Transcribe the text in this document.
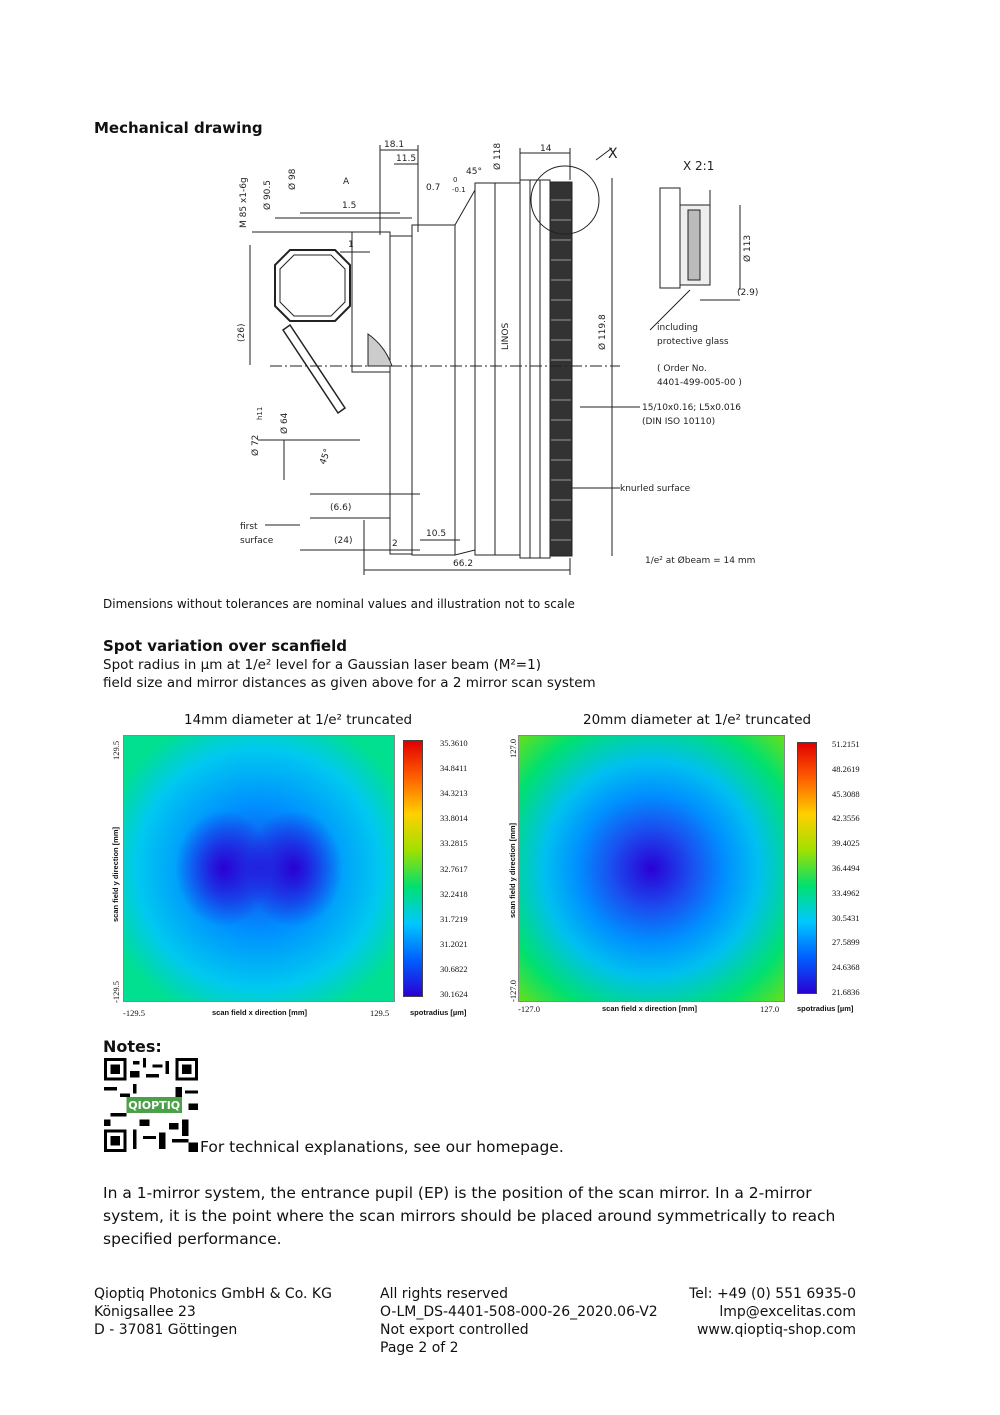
Mechanical drawing
18.1
11.5
14
Ø 118
M 85 x1-6g Ø 90.5
Ø 98	A
0.7
0
-0.1
45°
1.5
1
(26)
Ø 72
h11 Ø 64
45°
LINOS	Ø 119.8
X
X 2:1
Ø 113
(2.9)
including
protective glass
( Order No.
4401-499-005-00 )
15/10x0.16; L5x0.016
(DIN ISO 10110)
knurled surface
(6.6)
first
surface	(24)	2
10.5
66.2	1/e² at Øbeam = 14 mm
Dimensions without tolerances are nominal values and illustration not to scale
Spot variation over scanfield
Spot radius in µm at 1/e² level for a Gaussian laser beam (M²=1)
field size and mirror distances as given above for a 2 mirror scan system
14mm diameter at 1/e² truncated
scan field y direction [mm]
129.5
-129.5
-129.5	scan field x direction [mm]	129.5	spotradius [µm]
35.3610
34.8411
34.3213
33.8014
33.2815
32.7617
32.2418
31.7219
31.2021
30.6822
30.1624
20mm diameter at 1/e² truncated
scan field y direction [mm]
127.0
-127.0
-127.0	scan field x direction [mm]	127.0 spotradius [µm]
51.2151
48.2619
45.3088
42.3556
39.4025
36.4494
33.4962
30.5431
27.5899
24.6368
21.6836
Notes:
QIOPTIQ
For technical explanations, see our homepage.
In a 1-mirror system, the entrance pupil (EP) is the position of the scan mirror. In a 2-mirror system, it is the point where the scan mirrors should be placed around symmetrically to reach specified performance.
Qioptiq Photonics GmbH & Co. KG
Königsallee 23
D - 37081 Göttingen
All rights reserved
O-LM_DS-4401-508-000-26_2020.06-V2
Not export controlled
Page 2 of 2
Tel: +49 (0) 551 6935-0
lmp@excelitas.com
www.qioptiq-shop.com
